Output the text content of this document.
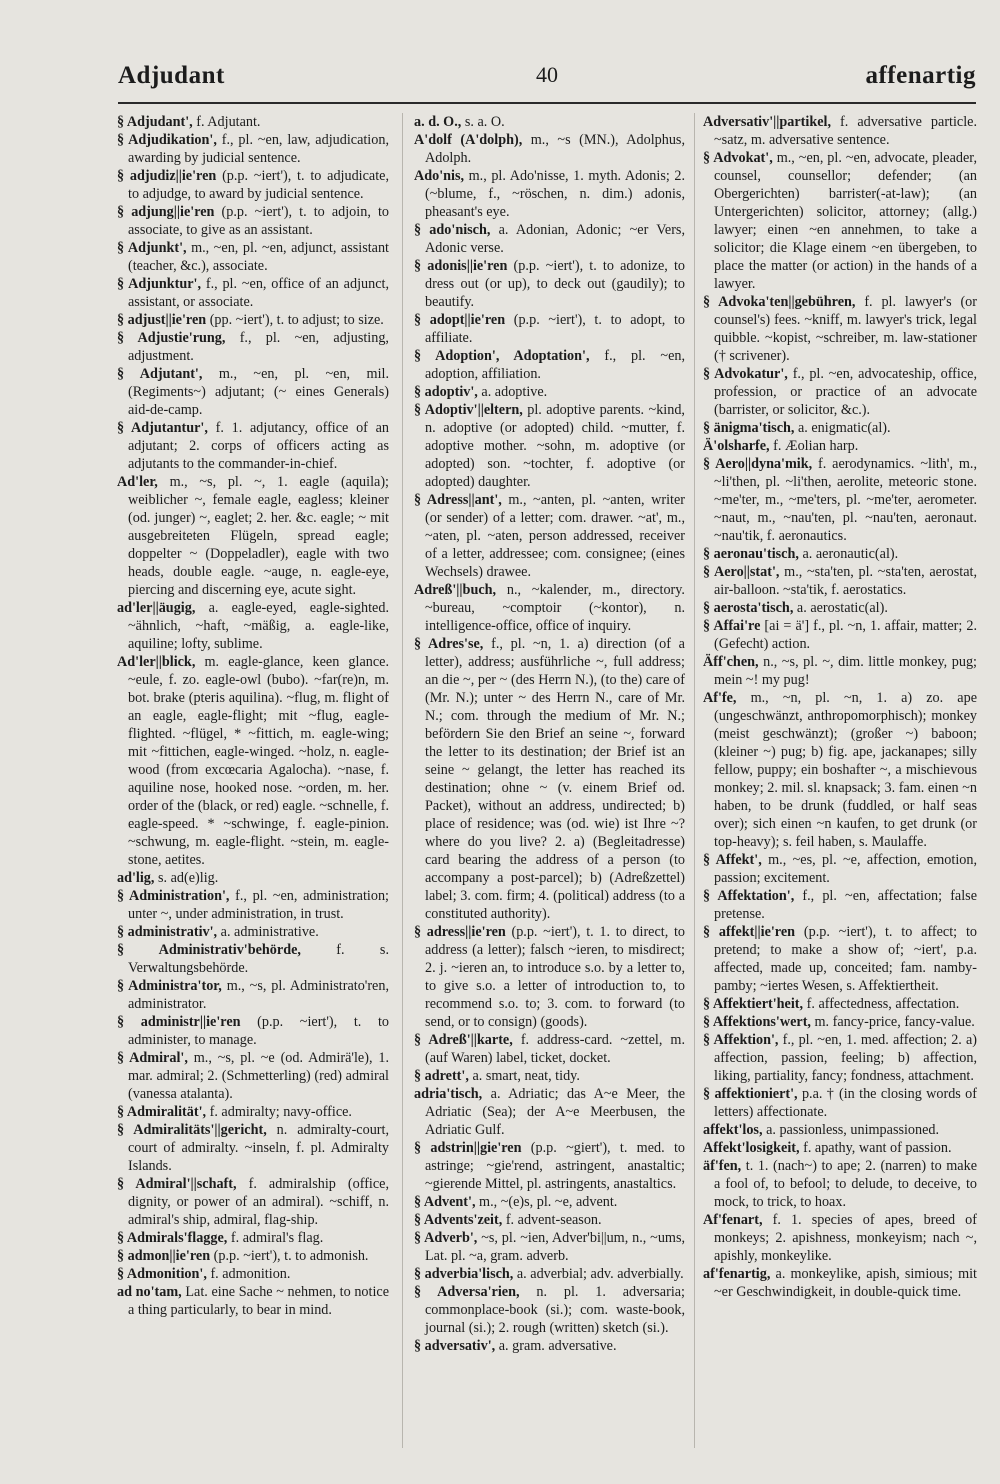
Adjudant	40	affenartig

§ Adjudant', f. Adjutant.

§ Adjudikation', f., pl. ~en, law, adjudication, awarding by judicial sentence.

§ adjudiz||ie'ren (p.p. ~iert'), t. to adjudicate, to adjudge, to award by judicial sentence.

§ adjung||ie'ren (p.p. ~iert'), t. to adjoin, to associate, to give as an assistant.

§ Adjunkt', m., ~en, pl. ~en, adjunct, assistant (teacher, &c.), associate.

§ Adjunktur', f., pl. ~en, office of an adjunct, assistant, or associate.

§ adjust||ie'ren (pp. ~iert'), t. to adjust; to size.

§ Adjustie'rung, f., pl. ~en, adjusting, adjustment.

§ Adjutant', m., ~en, pl. ~en, mil. (Regiments~) adjutant; (~ eines Generals) aid-de-camp.

§ Adjutantur', f. 1. adjutancy, office of an adjutant; 2. corps of officers acting as adjutants to the commander-in-chief.

Ad'ler, m., ~s, pl. ~, 1. eagle (aquila); weiblicher ~, female eagle, eagless; kleiner (od. junger) ~, eaglet; 2. her. &c. eagle; ~ mit ausgebreiteten Flügeln, spread eagle; doppelter ~ (Doppeladler), eagle with two heads, double eagle. ~auge, n. eagle-eye, piercing and discerning eye, acute sight.

ad'ler||äugig, a. eagle-eyed, eagle-sighted. ~ähnlich, ~haft, ~mäßig, a. eagle-like, aquiline; lofty, sublime.

Ad'ler||blick, m. eagle-glance, keen glance. ~eule, f. zo. eagle-owl (bubo). ~far(re)n, m. bot. brake (pteris aquilina). ~flug, m. flight of an eagle, eagle-flight; mit ~flug, eagle-flighted. ~flügel, * ~fittich, m. eagle-wing; mit ~fittichen, eagle-winged. ~holz, n. eagle-wood (from excœcaria Agalocha). ~nase, f. aquiline nose, hooked nose. ~orden, m. her. order of the (black, or red) eagle. ~schnelle, f. eagle-speed. * ~schwinge, f. eagle-pinion. ~schwung, m. eagle-flight. ~stein, m. eagle-stone, aetites.

ad'lig, s. ad(e)lig.

§ Administration', f., pl. ~en, administration; unter ~, under administration, in trust.

§ administrativ', a. administrative.

§ Administrativ'behörde, f. s. Verwaltungsbehörde.

§ Administra'tor, m., ~s, pl. Administrato'ren, administrator.

§ administr||ie'ren (p.p. ~iert'), t. to administer, to manage.

§ Admiral', m., ~s, pl. ~e (od. Admirä'le), 1. mar. admiral; 2. (Schmetterling) (red) admiral (vanessa atalanta).

§ Admiralität', f. admiralty; navy-office.

§ Admiralitäts'||gericht, n. admiralty-court, court of admiralty. ~inseln, f. pl. Admiralty Islands.

§ Admiral'||schaft, f. admiralship (office, dignity, or power of an admiral). ~schiff, n. admiral's ship, admiral, flag-ship.

§ Admirals'flagge, f. admiral's flag.

§ admon||ie'ren (p.p. ~iert'), t. to admonish.

§ Admonition', f. admonition.

ad no'tam, Lat. eine Sache ~ nehmen, to notice a thing particularly, to bear in mind.

a. d. O., s. a. O.

A'dolf (A'dolph), m., ~s (MN.), Adolphus, Adolph.

Ado'nis, m., pl. Ado'nisse, 1. myth. Adonis; 2. (~blume, f., ~röschen, n. dim.) adonis, pheasant's eye.

§ ado'nisch, a. Adonian, Adonic; ~er Vers, Adonic verse.

§ adonis||ie'ren (p.p. ~iert'), t. to adonize, to dress out (or up), to deck out (gaudily); to beautify.

§ adopt||ie'ren (p.p. ~iert'), t. to adopt, to affiliate.

§ Adoption', Adoptation', f., pl. ~en, adoption, affiliation.

§ adoptiv', a. adoptive.

§ Adoptiv'||eltern, pl. adoptive parents. ~kind, n. adoptive (or adopted) child. ~mutter, f. adoptive mother. ~sohn, m. adoptive (or adopted) son. ~tochter, f. adoptive (or adopted) daughter.

§ Adress||ant', m., ~anten, pl. ~anten, writer (or sender) of a letter; com. drawer. ~at', m., ~aten, pl. ~aten, person addressed, receiver of a letter, addressee; com. consignee; (eines Wechsels) drawee.

Adreß'||buch, n., ~kalender, m., directory. ~bureau, ~comptoir (~kontor), n. intelligence-office, office of inquiry.

§ Adres'se, f., pl. ~n, 1. a) direction (of a letter), address; ausführliche ~, full address; an die ~, per ~ (des Herrn N.), (to the) care of (Mr. N.); unter ~ des Herrn N., care of Mr. N.; com. through the medium of Mr. N.; befördern Sie den Brief an seine ~, forward the letter to its destination; der Brief ist an seine ~ gelangt, the letter has reached its destination; ohne ~ (v. einem Brief od. Packet), without an address, undirected; b) place of residence; was (od. wie) ist Ihre ~? where do you live? 2. a) (Begleitadresse) card bearing the address of a person (to accompany a post-parcel); b) (Adreßzettel) label; 3. com. firm; 4. (political) address (to a constituted authority).

§ adress||ie'ren (p.p. ~iert'), t. 1. to direct, to address (a letter); falsch ~ieren, to misdirect; 2. j. ~ieren an, to introduce s.o. by a letter to, to give s.o. a letter of introduction to, to recommend s.o. to; 3. com. to forward (to send, or to consign) (goods).

§ Adreß'||karte, f. address-card. ~zettel, m. (auf Waren) label, ticket, docket.

§ adrett', a. smart, neat, tidy.

adria'tisch, a. Adriatic; das A~e Meer, the Adriatic (Sea); der A~e Meerbusen, the Adriatic Gulf.

§ adstrin||gie'ren (p.p. ~giert'), t. med. to astringe; ~gie'rend, astringent, anastaltic; ~gierende Mittel, pl. astringents, anastaltics.

§ Advent', m., ~(e)s, pl. ~e, advent.

§ Advents'zeit, f. advent-season.

§ Adverb', ~s, pl. ~ien, Adver'bi||um, n., ~ums, Lat. pl. ~a, gram. adverb.

§ adverbia'lisch, a. adverbial; adv. adverbially.

§ Adversa'rien, n. pl. 1. adversaria; commonplace-book (si.); com. waste-book, journal (si.); 2. rough (written) sketch (si.).

§ adversativ', a. gram. adversative.

Adversativ'||partikel, f. adversative particle. ~satz, m. adversative sentence.

§ Advokat', m., ~en, pl. ~en, advocate, pleader, counsel, counsellor; defender; (an Obergerichten) barrister(-at-law); (an Untergerichten) solicitor, attorney; (allg.) lawyer; einen ~en annehmen, to take a solicitor; die Klage einem ~en übergeben, to place the matter (or action) in the hands of a lawyer.

§ Advoka'ten||gebühren, f. pl. lawyer's (or counsel's) fees. ~kniff, m. lawyer's trick, legal quibble. ~kopist, ~schreiber, m. law-stationer († scrivener).

§ Advokatur', f., pl. ~en, advocateship, office, profession, or practice of an advocate (barrister, or solicitor, &c.).

§ änigma'tisch, a. enigmatic(al).

Ä'olsharfe, f. Æolian harp.

§ Aero||dyna'mik, f. aerodynamics. ~lith', m., ~li'then, pl. ~li'then, aerolite, meteoric stone. ~me'ter, m., ~me'ters, pl. ~me'ter, aerometer. ~naut, m., ~nau'ten, pl. ~nau'ten, aeronaut. ~nau'tik, f. aeronautics.

§ aeronau'tisch, a. aeronautic(al).

§ Aero||stat', m., ~sta'ten, pl. ~sta'ten, aerostat, air-balloon. ~sta'tik, f. aerostatics.

§ aerosta'tisch, a. aerostatic(al).

§ Affai're [ai = ä'] f., pl. ~n, 1. affair, matter; 2. (Gefecht) action.

Äff'chen, n., ~s, pl. ~, dim. little monkey, pug; mein ~! my pug!

Af'fe, m., ~n, pl. ~n, 1. a) zo. ape (ungeschwänzt, anthropomorphisch); monkey (meist geschwänzt); (großer ~) baboon; (kleiner ~) pug; b) fig. ape, jackanapes; silly fellow, puppy; ein boshafter ~, a mischievous monkey; 2. mil. sl. knapsack; 3. fam. einen ~n haben, to be drunk (fuddled, or half seas over); sich einen ~n kaufen, to get drunk (or top-heavy); s. feil haben, s. Maulaffe.

§ Affekt', m., ~es, pl. ~e, affection, emotion, passion; excitement.

§ Affektation', f., pl. ~en, affectation; false pretense.

§ affekt||ie'ren (p.p. ~iert'), t. to affect; to pretend; to make a show of; ~iert', p.a. affected, made up, conceited; fam. namby-pamby; ~iertes Wesen, s. Affektiertheit.

§ Affektiert'heit, f. affectedness, affectation.

§ Affektions'wert, m. fancy-price, fancy-value.

§ Affektion', f., pl. ~en, 1. med. affection; 2. a) affection, passion, feeling; b) affection, liking, partiality, fancy; fondness, attachment.

§ affektioniert', p.a. † (in the closing words of letters) affectionate.

affekt'los, a. passionless, unimpassioned.

Affekt'losigkeit, f. apathy, want of passion.

äf'fen, t. 1. (nach~) to ape; 2. (narren) to make a fool of, to befool; to delude, to deceive, to mock, to trick, to hoax.

Af'fenart, f. 1. species of apes, breed of monkeys; 2. apishness, monkeyism; nach ~, apishly, monkeylike.

af'fenartig, a. monkeylike, apish, simious; mit ~er Geschwindigkeit, in double-quick time.
